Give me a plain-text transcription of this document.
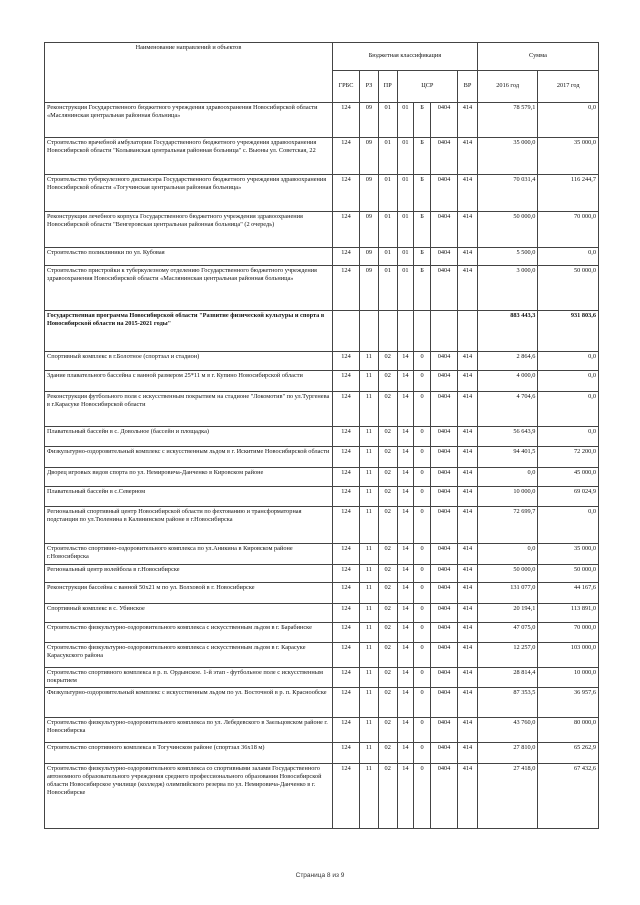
Наименование направлений и объектов	Бюджетная классификация							Сумма	
	ГРБС	РЗ	ПР	ЦСР			ВР	2016 год	2017 год
Реконструкция Государственного бюджетного учреждения здравоохранения Новосибирской области «Маслянинская центральная районная больница»	124	09	01	01	Б	0404	414	78 579,1	0,0
Строительство врачебной амбулатории Государственного бюджетного учреждения здравоохранения Новосибирской области "Колыванская центральная районная больница" с. Вьюны ул. Советская, 22	124	09	01	01	Б	0404	414	35 000,0	35 000,0
Строительство туберкулезного диспансера Государственного бюджетного учреждения здравоохранения Новосибирской области «Тогучинская центральная районная больница»	124	09	01	01	Б	0404	414	70 031,4	116 244,7
Реконструкция лечебного корпуса Государственного бюджетного учреждения здравоохранения Новосибирской области "Венгеровская центральная районная больница" (2 очередь)	124	09	01	01	Б	0404	414	50 000,0	70 000,0
Строительство поликлиники по ул. Кубовая	124	09	01	01	Б	0404	414	5 500,0	0,0
Строительство пристройки к туберкулезному отделению Государственного бюджетного учреждения здравоохранения Новосибирской области «Маслянинская центральная районная больница»	124	09	01	01	Б	0404	414	3 000,0	50 000,0
Государственная программа Новосибирской области "Развитие физической культуры и спорта в Новосибирской области на 2015-2021 годы"								883 443,3	931 803,6
Спортивный комплекс в г.Болотное (спортзал и стадион)	124	11	02	14	0	0404	414	2 864,6	0,0
Здание плавательного бассейна с ванной размером 25*11 м в г. Купино Новосибирской области	124	11	02	14	0	0404	414	4 000,0	0,0
Реконструкция футбольного поля с искусственным покрытием на стадионе "Локомотив" по ул.Тургенева в г.Карасуке Новосибирской области	124	11	02	14	0	0404	414	4 704,6	0,0
Плавательный бассейн в с. Довольное (бассейн и площадка)	124	11	02	14	0	0404	414	56 643,9	0,0
Физкультурно-оздоровительный комплекс с искусственным льдом в г. Искитиме Новосибирской области	124	11	02	14	0	0404	414	94 401,5	72 200,0
Дворец игровых видов спорта по ул. Немировича-Данченко в Кировском районе	124	11	02	14	0	0404	414	0,0	45 000,0
Плавательный бассейн в с.Северном	124	11	02	14	0	0404	414	10 000,0	69 024,9
Региональный спортивный центр Новосибирской области по фехтованию и трансформаторная подстанция по ул.Тюленина в Калининском районе в г.Новосибирска	124	11	02	14	0	0404	414	72 699,7	0,0
Строительство спортивно-оздоровительного комплекса по ул.Аникина в Кировском районе г.Новосибирска	124	11	02	14	0	0404	414	0,0	35 000,0
Региональный центр волейбола в г.Новосибирске	124	11	02	14	0	0404	414	50 000,0	50 000,0
Реконструкция бассейна с ванной 50х21 м по ул. Волховой в г. Новосибирске	124	11	02	14	0	0404	414	131 077,0	44 167,6
Спортивный комплекс в с. Убинское	124	11	02	14	0	0404	414	20 194,1	113 891,0
Строительство физкультурно-оздоровительного комплекса с искусственным льдом в г. Барабинске	124	11	02	14	0	0404	414	47 075,0	70 000,0
Строительство физкультурно-оздоровительного комплекса с искусственным льдом в г. Карасуке Карасукского района	124	11	02	14	0	0404	414	12 257,0	103 000,0
Строительство спортивного комплекса в р. п. Ордынское. 1-й этап - футбольное поле с искусственным покрытием	124	11	02	14	0	0404	414	28 814,4	10 000,0
Физкультурно-оздоровительный комплекс с искусственным льдом по ул. Восточной в р. п. Краснообске	124	11	02	14	0	0404	414	87 353,5	36 957,6
Строительство физкультурно-оздоровительного комплекса по ул. Лебедевского в Заельцовском районе г. Новосибирска	124	11	02	14	0	0404	414	43 760,0	80 000,0
Строительство спортивного комплекса в Тогучинском районе (спортзал 36х18 м)	124	11	02	14	0	0404	414	27 810,0	65 262,9
Строительство физкультурно-оздоровительного комплекса со спортивными залами Государственного автономного образовательного учреждения среднего профессионального образования Новосибирской области Новосибирское училище (колледж) олимпийского резерва по ул. Немировича-Данченко в г. Новосибирске	124	11	02	14	0	0404	414	27 418,0	67 432,6
Страница 8 из 9
